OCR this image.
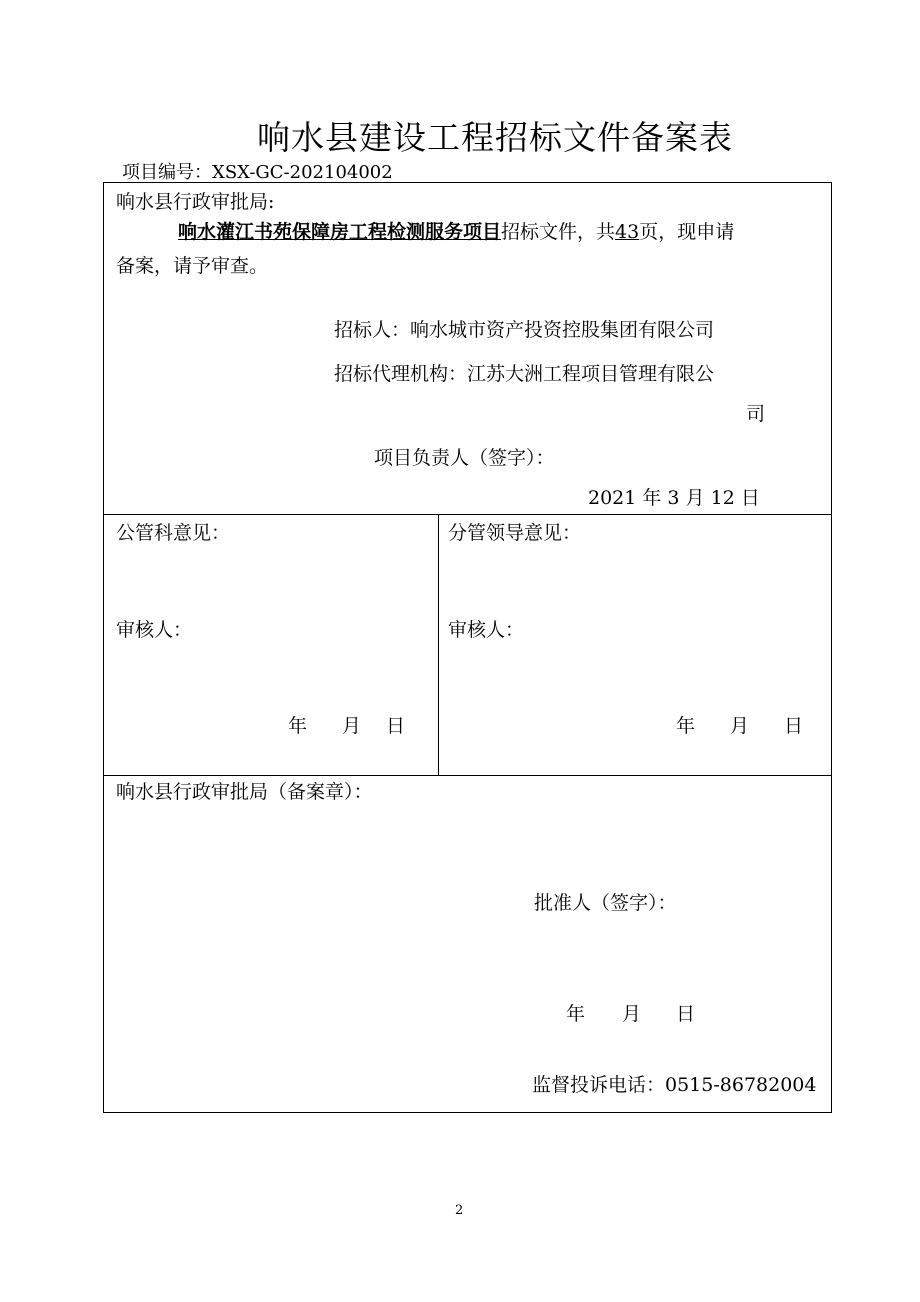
响水县建设工程招标文件备案表
项目编号：XSX-GC-202104002
响水县行政审批局:
响水灌江书苑保障房工程检测服务项目招标文件，共43页，现申请
备案，请予审查。
招标人：响水城市资产投资控股集团有限公司
招标代理机构：江苏大洲工程项目管理有限公
司
项目负责人（签字）：
2021 年 3 月 12 日
公管科意见：
审核人：
年 月 日
分管领导意见：
审核人：
年 月 日
响水县行政审批局（备案章）：
批准人（签字）：
年 月 日
监督投诉电话：0515-86782004
2
